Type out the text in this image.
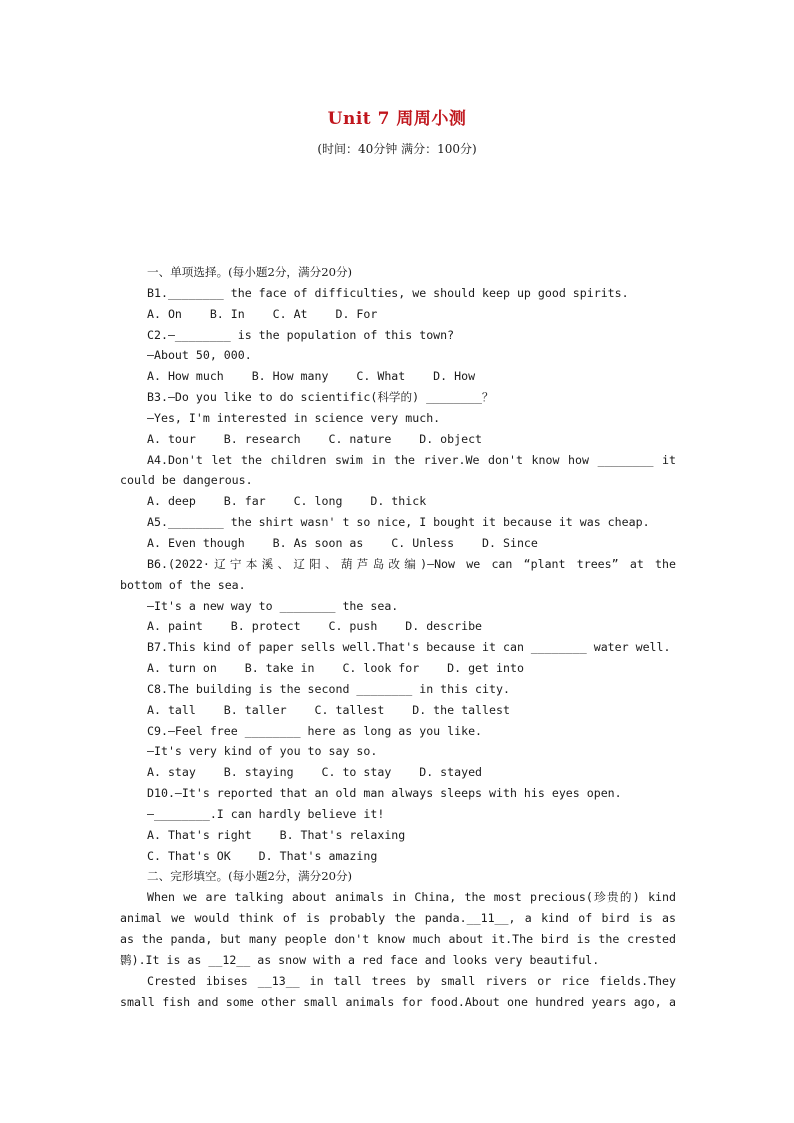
Unit 7 周周小测
(时间：40分钟 满分：100分)
一、单项选择。(每小题2分，满分20分)
B1.________ the face of difficulties, we should keep up good spirits.
A. On    B. In    C. At    D. For
C2.—________ is the population of this town?
—About 50, 000.
A. How much    B. How many    C. What    D. How
B3.—Do you like to do scientific(科学的) ________？
—Yes, I'm interested in science very much.
A. tour    B. research    C. nature    D. object
A4.Don't let the children swim in the river.We don't know how ________ it
could be dangerous.
A. deep    B. far    C. long    D. thick
A5.________ the shirt wasn' t so nice, I bought it because it was cheap.
A. Even though    B. As soon as    C. Unless    D. Since
B6.(2022·辽宁本溪、辽阳、葫芦岛改编)—Now we can “plant trees” at the
bottom of the sea.
—It's a new way to ________ the sea.
A. paint    B. protect    C. push    D. describe
B7.This kind of paper sells well.That's because it can ________ water well.
A. turn on    B. take in    C. look for    D. get into
C8.The building is the second ________ in this city.
A. tall    B. taller    C. tallest    D. the tallest
C9.—Feel free ________ here as long as you like.
—It's very kind of you to say so.
A. stay    B. staying    C. to stay    D. stayed
D10.—It's reported that an old man always sleeps with his eyes open.
—________.I can hardly believe it!
A. That's right    B. That's relaxing
C. That's OK    D. That's amazing
二、完形填空。(每小题2分，满分20分)
When we are talking about animals in China, the most precious(珍贵的) kind
animal we would think of is probably the panda.__11__, a kind of bird is as
as the panda, but many people don't know much about it.The bird is the crested
鹮).It is as __12__ as snow with a red face and looks very beautiful.
Crested ibises __13__ in tall trees by small rivers or rice fields.They
small fish and some other small animals for food.About one hundred years ago, a
